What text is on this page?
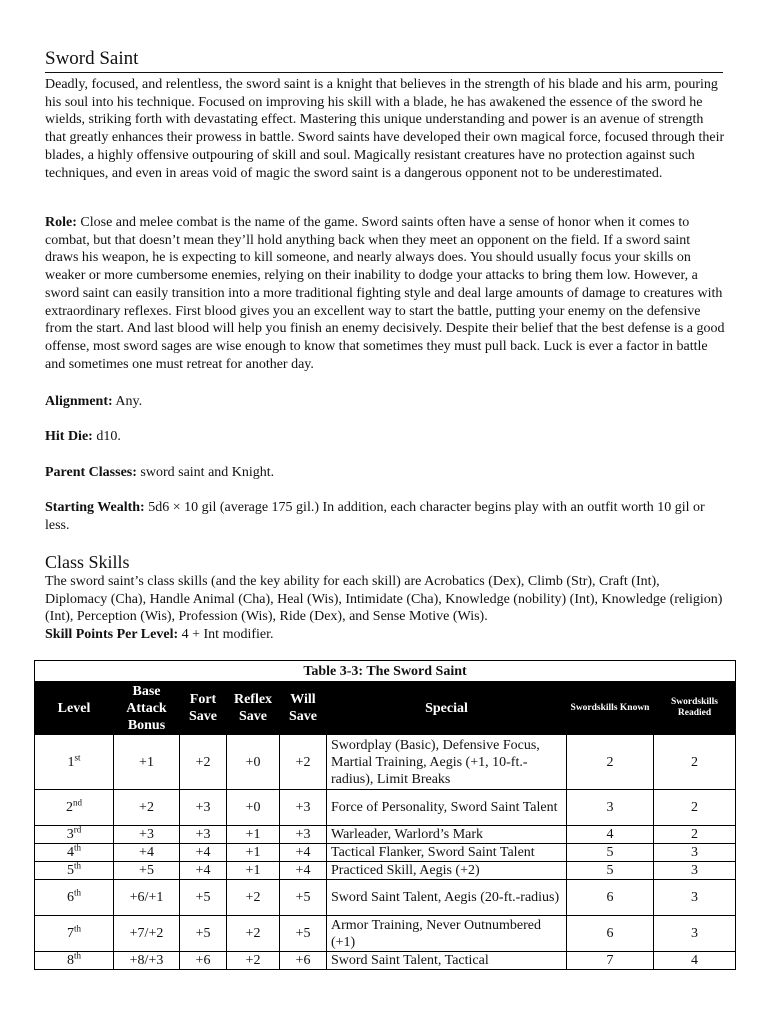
Sword Saint

Deadly, focused, and relentless, the sword saint is a knight that believes in the strength of his blade and his arm, pouring his soul into his technique. Focused on improving his skill with a blade, he has awakened the essence of the sword he wields, striking forth with devastating effect. Mastering this unique understanding and power is an avenue of strength that greatly enhances their prowess in battle. Sword saints have developed their own magical force, focused through their blades, a highly offensive outpouring of skill and soul. Magically resistant creatures have no protection against such techniques, and even in areas void of magic the sword saint is a dangerous opponent not to be underestimated.

Role: Close and melee combat is the name of the game. Sword saints often have a sense of honor when it comes to combat, but that doesn’t mean they’ll hold anything back when they meet an opponent on the field. If a sword saint draws his weapon, he is expecting to kill someone, and nearly always does. You should usually focus your skills on weaker or more cumbersome enemies, relying on their inability to dodge your attacks to bring them low. However, a sword saint can easily transition into a more traditional fighting style and deal large amounts of damage to creatures with extraordinary reflexes. First blood gives you an excellent way to start the battle, putting your enemy on the defensive from the start. And last blood will help you finish an enemy decisively. Despite their belief that the best defense is a good offense, most sword sages are wise enough to know that sometimes they must pull back. Luck is ever a factor in battle and sometimes one must retreat for another day.

Alignment: Any.

Hit Die: d10.

Parent Classes: sword saint and Knight.

Starting Wealth: 5d6 × 10 gil (average 175 gil.) In addition, each character begins play with an outfit worth 10 gil or less.

Class Skills

The sword saint’s class skills (and the key ability for each skill) are Acrobatics (Dex), Climb (Str), Craft (Int), Diplomacy (Cha), Handle Animal (Cha), Heal (Wis), Intimidate (Cha), Knowledge (nobility) (Int), Knowledge (religion) (Int), Perception (Wis), Profession (Wis), Ride (Dex), and Sense Motive (Wis).
Skill Points Per Level: 4 + Int modifier.

Table 3-3: The Sword Saint							
Level	Base Attack Bonus	Fort Save	Reflex Save	Will Save	Special	Swordskills Known	Swordskills Readied
1st	+1	+2	+0	+2	Swordplay (Basic), Defensive Focus, Martial Training, Aegis (+1, 10-ft.-radius), Limit Breaks	2	2
2nd	+2	+3	+0	+3	Force of Personality, Sword Saint Talent	3	2
3rd	+3	+3	+1	+3	Warleader, Warlord’s Mark	4	2
4th	+4	+4	+1	+4	Tactical Flanker, Sword Saint Talent	5	3
5th	+5	+4	+1	+4	Practiced Skill, Aegis (+2)	5	3
6th	+6/+1	+5	+2	+5	Sword Saint Talent, Aegis (20-ft.-radius)	6	3
7th	+7/+2	+5	+2	+5	Armor Training, Never Outnumbered (+1)	6	3
8th	+8/+3	+6	+2	+6	Sword Saint Talent, Tactical	7	4
